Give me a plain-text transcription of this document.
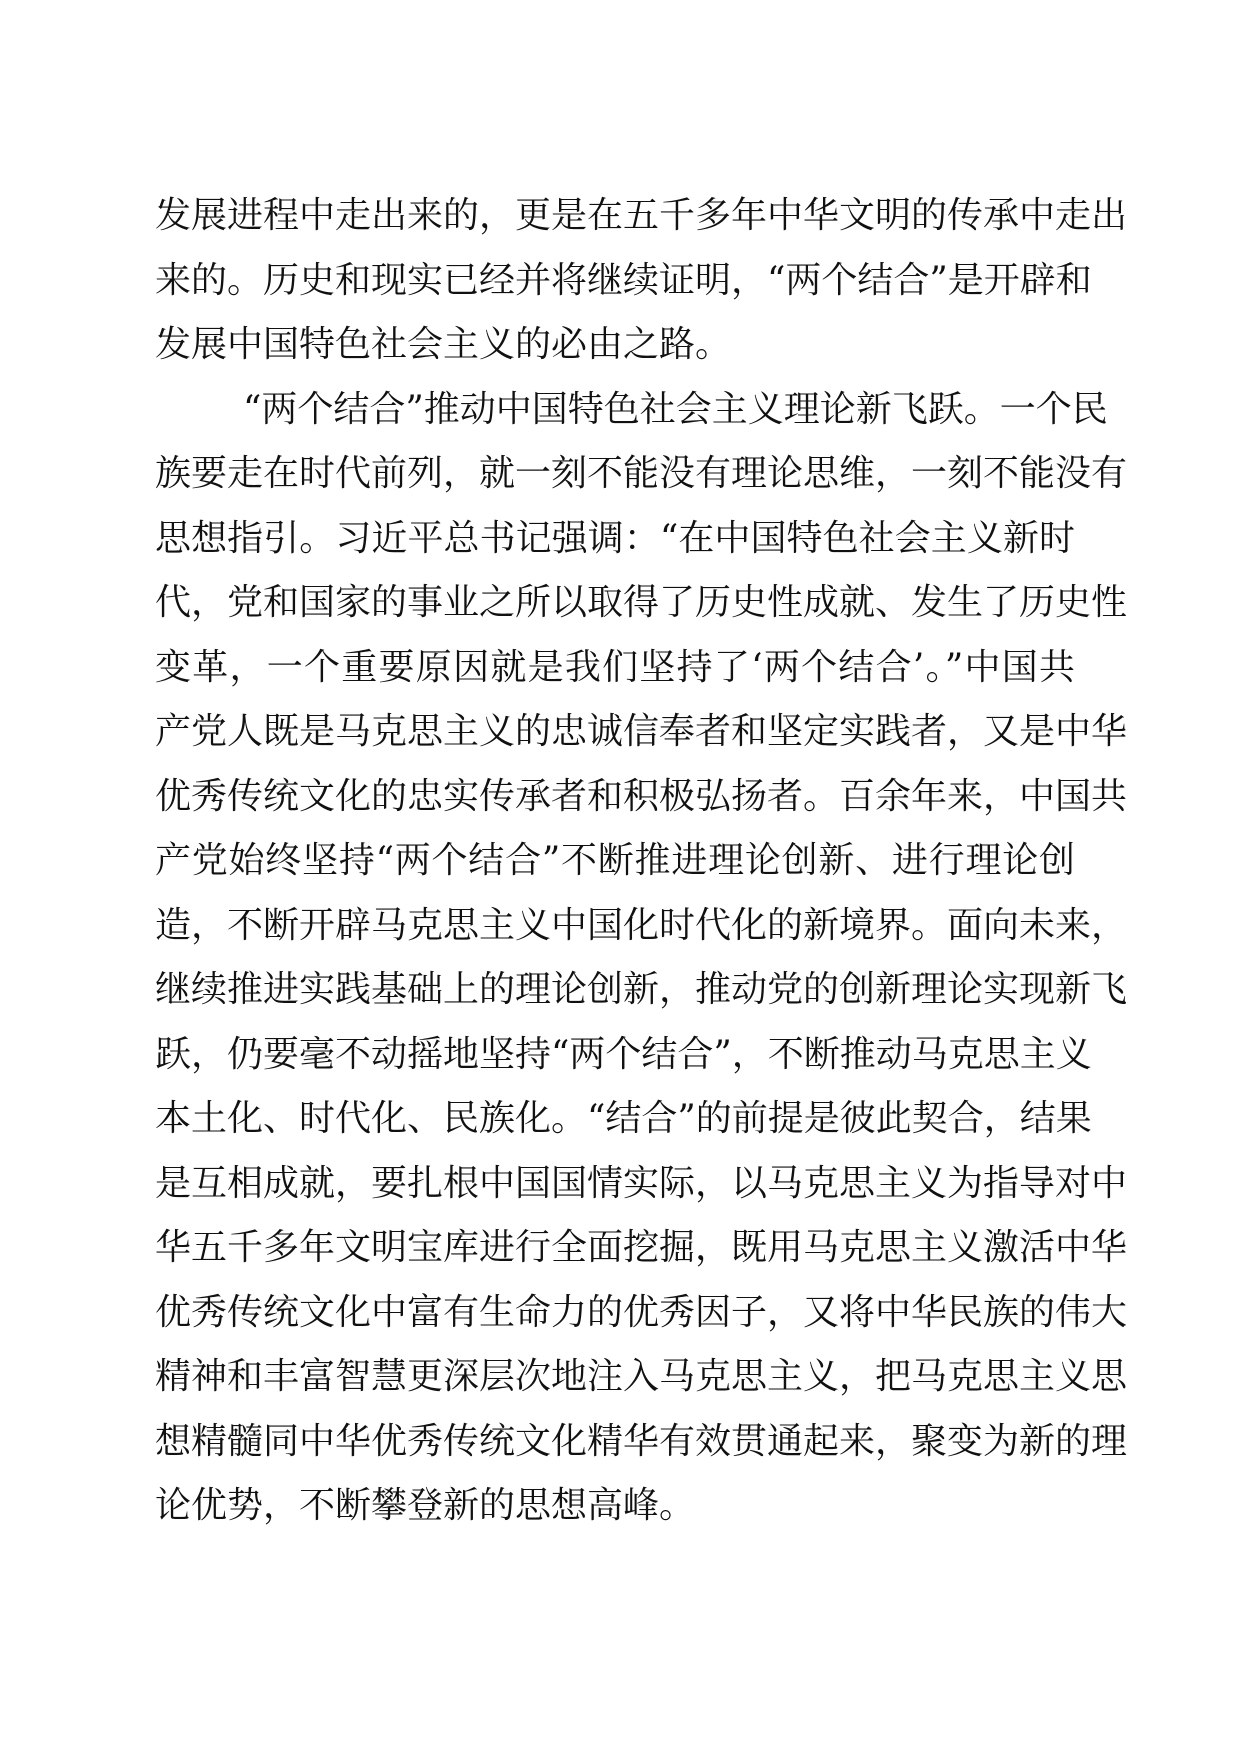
发展进程中走出来的，更是在五千多年中华文明的传承中走出
来的。历史和现实已经并将继续证明，“两个结合”是开辟和
发展中国特色社会主义的必由之路。
“两个结合”推动中国特色社会主义理论新飞跃。一个民
族要走在时代前列，就一刻不能没有理论思维，一刻不能没有
思想指引。习近平总书记强调：“在中国特色社会主义新时
代，党和国家的事业之所以取得了历史性成就、发生了历史性
变革，一个重要原因就是我们坚持了‘两个结合’。”中国共
产党人既是马克思主义的忠诚信奉者和坚定实践者，又是中华
优秀传统文化的忠实传承者和积极弘扬者。百余年来，中国共
产党始终坚持“两个结合”不断推进理论创新、进行理论创
造，不断开辟马克思主义中国化时代化的新境界。面向未来，
继续推进实践基础上的理论创新，推动党的创新理论实现新飞
跃，仍要毫不动摇地坚持“两个结合”，不断推动马克思主义
本土化、时代化、民族化。“结合”的前提是彼此契合，结果
是互相成就，要扎根中国国情实际，以马克思主义为指导对中
华五千多年文明宝库进行全面挖掘，既用马克思主义激活中华
优秀传统文化中富有生命力的优秀因子，又将中华民族的伟大
精神和丰富智慧更深层次地注入马克思主义，把马克思主义思
想精髓同中华优秀传统文化精华有效贯通起来，聚变为新的理
论优势，不断攀登新的思想高峰。
